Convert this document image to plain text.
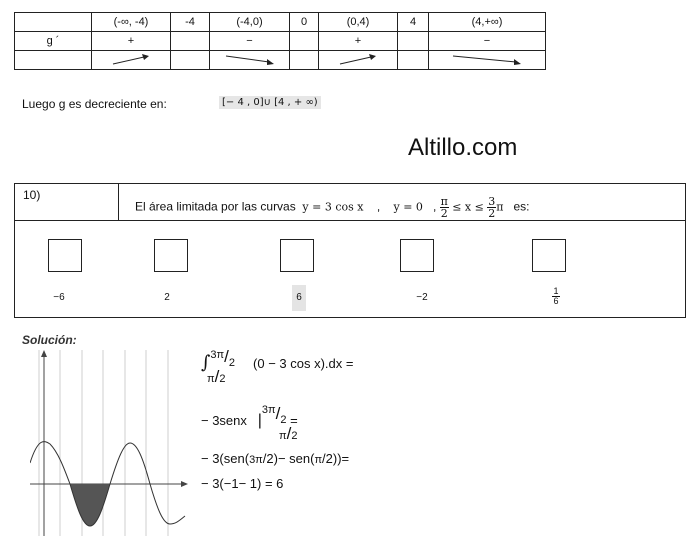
	(-∞, -4)	-4	(-4,0)	0	(0,4)	4	(4,+∞)
g ´	+		−		+		−

Luego g es decreciente en:	[− 4 , 0]∪ [4 , + ∞)
Altillo.com
10)
El área limitada por las curvas y = 3 cos x , y = 0 , $\frac{\pi}{2} \le x \le \frac{3}{2}$ π es:
−6	2	6	−2	$\frac{1}{6}$
Solución:
∫$^{3\pi}$/2 (0 − 3 cos x).dx =
π/2
− 3senx $|^{3\pi}/2$ =
π/2
− 3(sen(3π/2)− sen(π/2))=
− 3(−1− 1) = 6
